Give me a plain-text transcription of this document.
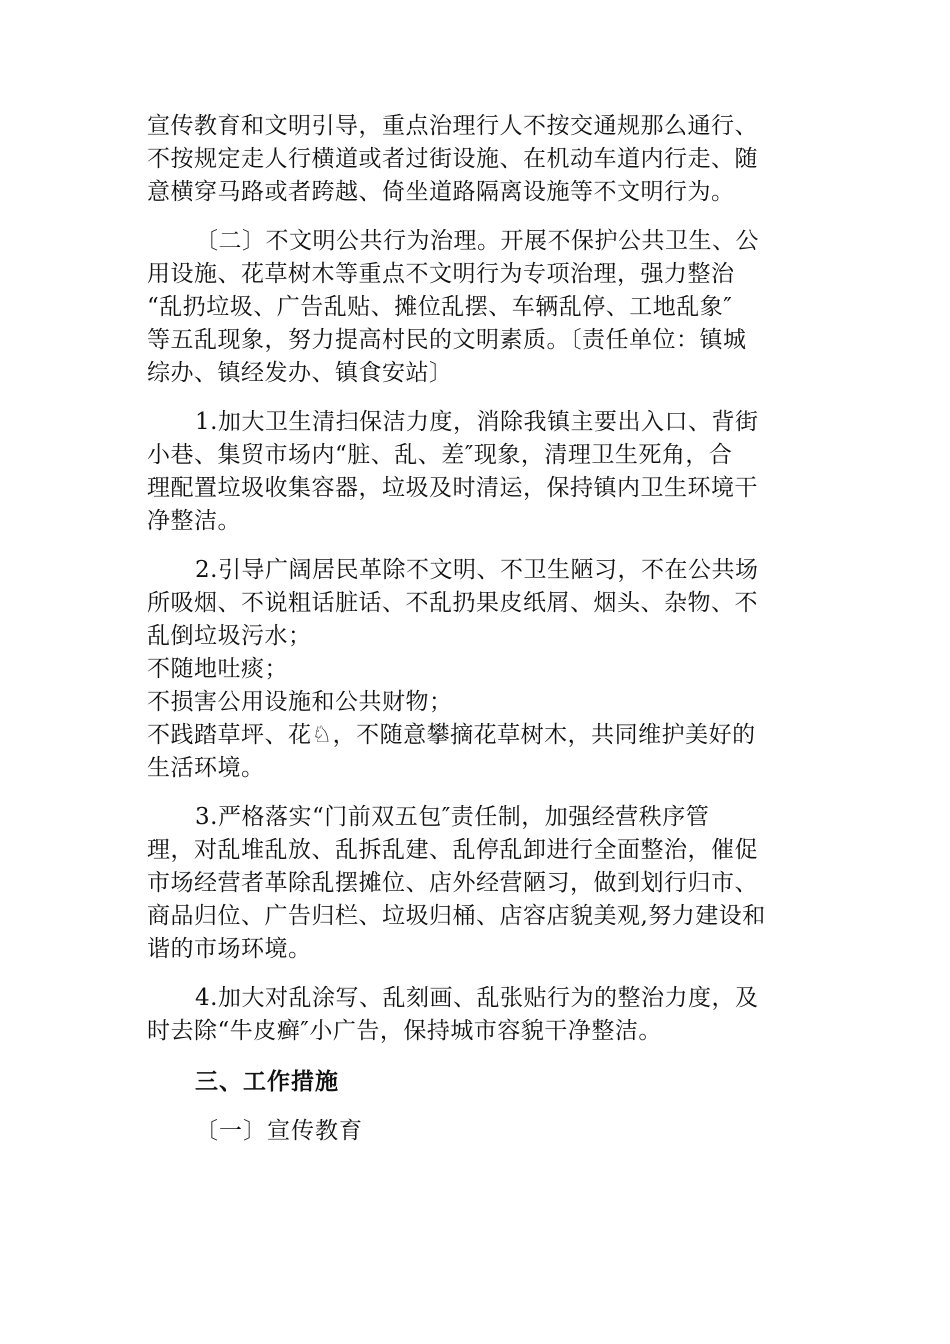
宣传教育和文明引导，重点治理行人不按交通规那么通行、
不按规定走人行横道或者过街设施、在机动车道内行走、随
意横穿马路或者跨越、倚坐道路隔离设施等不文明行为。
〔二〕不文明公共行为治理。开展不保护公共卫生、公
用设施、花草树木等重点不文明行为专项治理，强力整治
“乱扔垃圾、广告乱贴、摊位乱摆、车辆乱停、工地乱象″
等五乱现象，努力提高村民的文明素质。〔责任单位：镇城
综办、镇经发办、镇食安站〕
1.加大卫生清扫保洁力度，消除我镇主要出入口、背街
小巷、集贸市场内“脏、乱、差″现象，清理卫生死角，合
理配置垃圾收集容器，垃圾及时清运，保持镇内卫生环境干
净整洁。
2.引导广阔居民革除不文明、不卫生陋习，不在公共场
所吸烟、不说粗话脏话、不乱扔果皮纸屑、烟头、杂物、不
乱倒垃圾污水；
不随地吐痰；
不损害公用设施和公共财物；
不践踏草坪、花♘，不随意攀摘花草树木，共同维护美好的
生活环境。
3.严格落实“门前双五包″责任制，加强经营秩序管
理，对乱堆乱放、乱拆乱建、乱停乱卸进行全面整治，催促
市场经营者革除乱摆摊位、店外经营陋习，做到划行归市、
商品归位、广告归栏、垃圾归桶、店容店貌美观,努力建设和
谐的市场环境。
4.加大对乱涂写、乱刻画、乱张贴行为的整治力度，及
时去除“牛皮癣″小广告，保持城市容貌干净整洁。
三、工作措施
〔一〕宣传教育
